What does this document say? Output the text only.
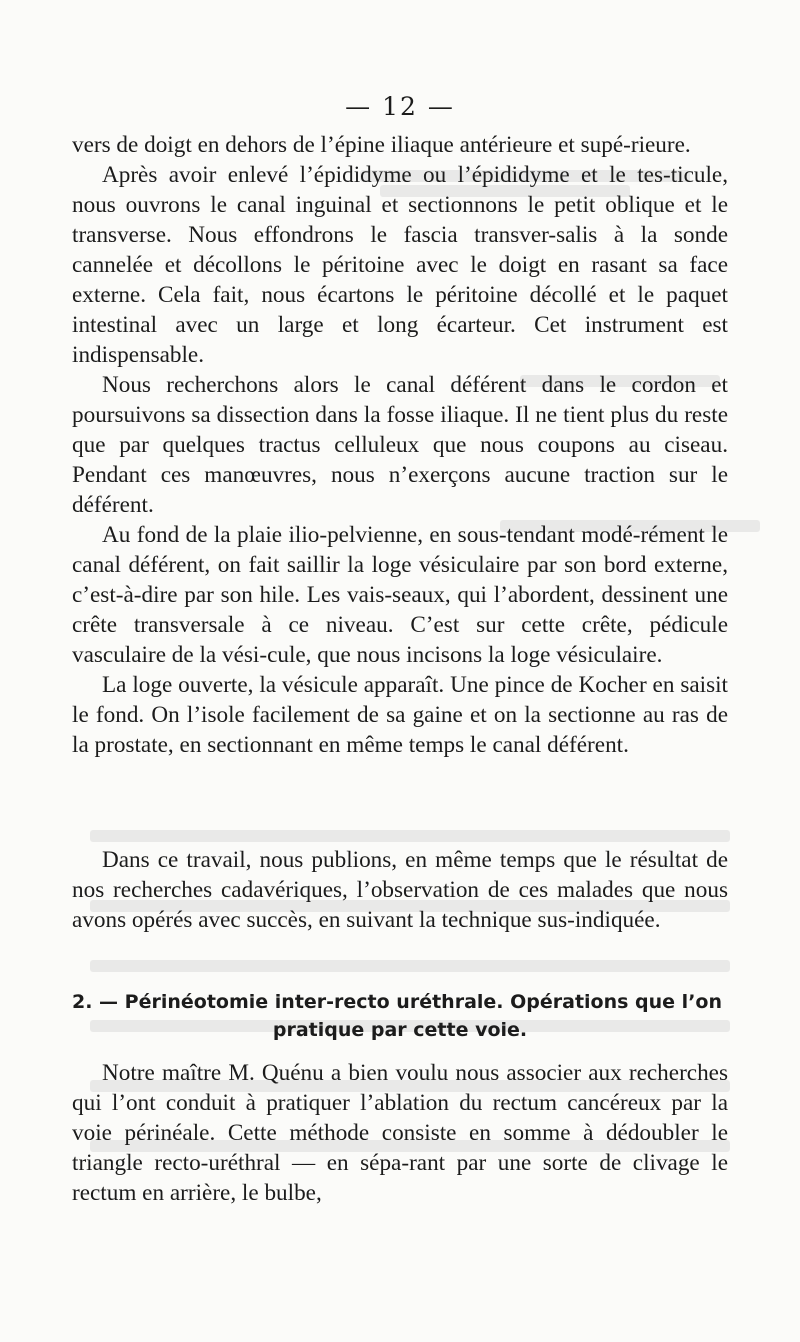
— 12 —

vers de doigt en dehors de l’épine iliaque antérieure et supé-rieure.

Après avoir enlevé l’épididyme ou l’épididyme et le tes-ticule, nous ouvrons le canal inguinal et sectionnons le petit oblique et le transverse. Nous effondrons le fascia transver-salis à la sonde cannelée et décollons le péritoine avec le doigt en rasant sa face externe. Cela fait, nous écartons le péritoine décollé et le paquet intestinal avec un large et long écarteur. Cet instrument est indispensable.

Nous recherchons alors le canal déférent dans le cordon et poursuivons sa dissection dans la fosse iliaque. Il ne tient plus du reste que par quelques tractus celluleux que nous coupons au ciseau. Pendant ces manœuvres, nous n’exerçons aucune traction sur le déférent.

Au fond de la plaie ilio-pelvienne, en sous-tendant modé-rément le canal déférent, on fait saillir la loge vésiculaire par son bord externe, c’est-à-dire par son hile. Les vais-seaux, qui l’abordent, dessinent une crête transversale à ce niveau. C’est sur cette crête, pédicule vasculaire de la vési-cule, que nous incisons la loge vésiculaire.

La loge ouverte, la vésicule apparaît. Une pince de Kocher en saisit le fond. On l’isole facilement de sa gaine et on la sectionne au ras de la prostate, en sectionnant en même temps le canal déférent.

Dans ce travail, nous publions, en même temps que le résultat de nos recherches cadavériques, l’observation de ces malades que nous avons opérés avec succès, en suivant la technique sus-indiquée.

2. — Périnéotomie inter-recto uréthrale. Opérations que l’on
pratique par cette voie.

Notre maître M. Quénu a bien voulu nous associer aux recherches qui l’ont conduit à pratiquer l’ablation du rectum cancéreux par la voie périnéale. Cette méthode consiste en somme à dédoubler le triangle recto-uréthral — en sépa-rant par une sorte de clivage le rectum en arrière, le bulbe,
